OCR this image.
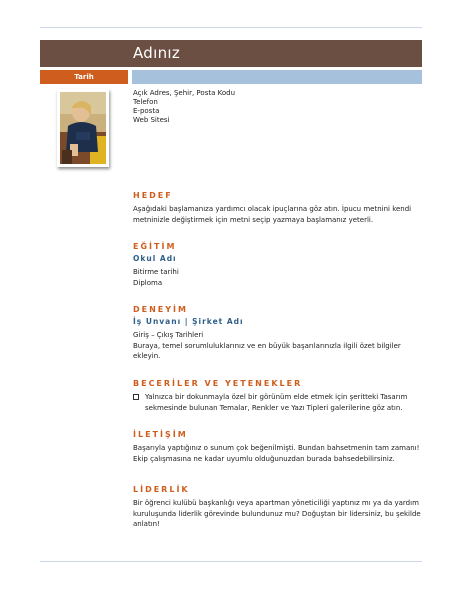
Adınız
Tarih
Açık Adres, Şehir, Posta Kodu
Telefon
E-posta
Web Sitesi
HEDEF
Aşağıdaki başlamanıza yardımcı olacak ipuçlarına göz atın. İpucu metnini kendi
metninizle değiştirmek için metni seçip yazmaya başlamanız yeterli.
EĞİTİM
Okul Adı
Bitirme tarihi
Diploma
DENEYİM
İş Unvanı | Şirket Adı
Giriş – Çıkış Tarihleri
Buraya, temel sorumluluklarınız ve en büyük başarılarınızla ilgili özet bilgiler
ekleyin.
BECERİLER VE YETENEKLER
Yalnızca bir dokunmayla özel bir görünüm elde etmek için şeritteki Tasarım
sekmesinde bulunan Temalar, Renkler ve Yazı Tipleri galerilerine göz atın.
İLETİŞİM
Başarıyla yaptığınız o sunum çok beğenilmişti. Bundan bahsetmenin tam zamanı!
Ekip çalışmasına ne kadar uyumlu olduğunuzdan burada bahsedebilirsiniz.
LİDERLİK
Bir öğrenci kulübü başkanlığı veya apartman yöneticiliği yaptınız mı ya da yardım
kuruluşunda liderlik görevinde bulundunuz mu? Doğuştan bir lidersiniz, bu şekilde
anlatın!
